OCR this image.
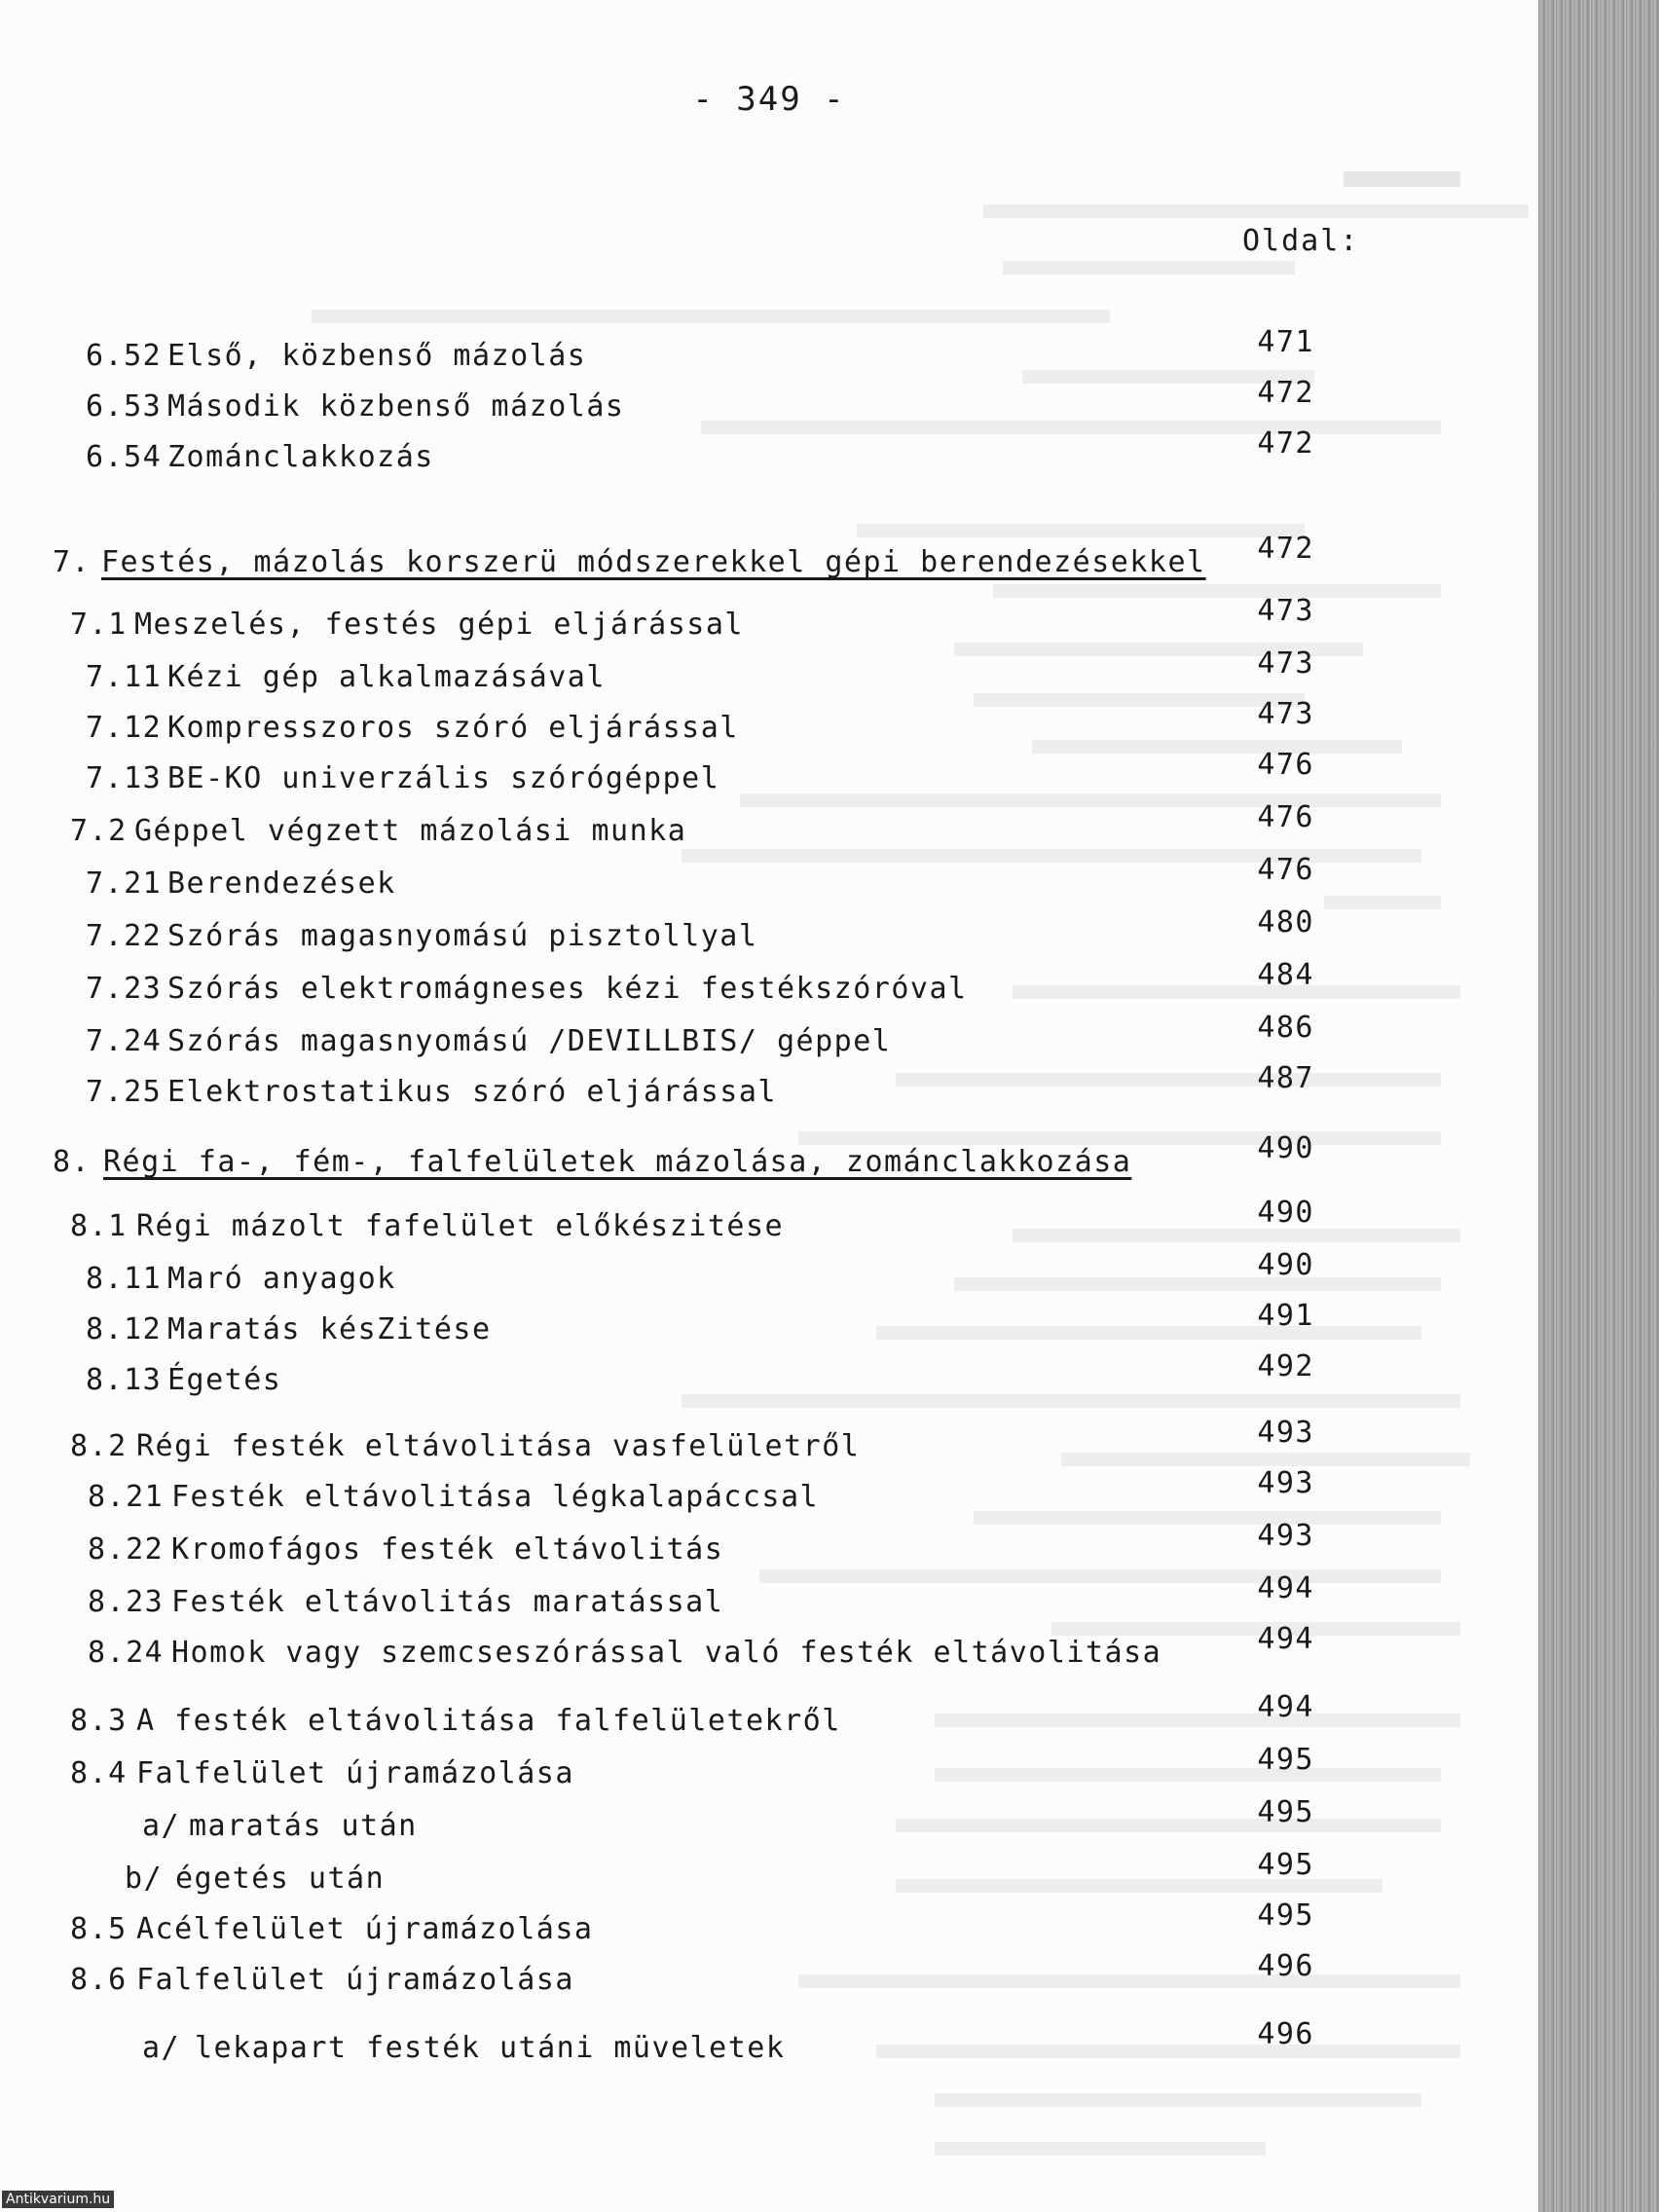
- 349 -
Oldal:
6.52 Első, közbenső mázolás	471
6.53 Második közbenső mázolás	472
6.54 Zománclakkozás	472
7. Festés, mázolás korszerü módszerekkel gépi berendezésekkel 472
7.1 Meszelés, festés gépi eljárással	473
7.11 Kézi gép alkalmazásával	473
7.12 Kompresszoros szóró eljárással	473
7.13 BE-KO univerzális szórógéppel	476
7.2 Géppel végzett mázolási munka	476
7.21 Berendezések	476
7.22 Szórás magasnyomású pisztollyal	480
7.23 Szórás elektromágneses kézi festékszóróval	484
7.24 Szórás magasnyomású /DEVILLBIS/ géppel	486
7.25 Elektrostatikus szóró eljárással	487
8. Régi fa-, fém-, falfelületek mázolása, zománclakkozása	490
8.1 Régi mázolt fafelület előkészitése	490
8.11 Maró anyagok	490
8.12 Maratás késZitése	491
8.13 Égetés	492
8.2 Régi festék eltávolitása vasfelületről	493
8.21 Festék eltávolitása légkalapáccsal	493
8.22 Kromofágos festék eltávolitás	493
8.23 Festék eltávolitás maratással	494
8.24 Homok vagy szemcseszórással való festék eltávolitása	494
8.3 A festék eltávolitása falfelületekről	494
8.4 Falfelület újramázolása	495
a/ maratás után	495
b/ égetés után	495
8.5 Acélfelület újramázolása	495
8.6 Falfelület újramázolása	496
a/ lekapart festék utáni müveletek	496
Antikvarium.hu
